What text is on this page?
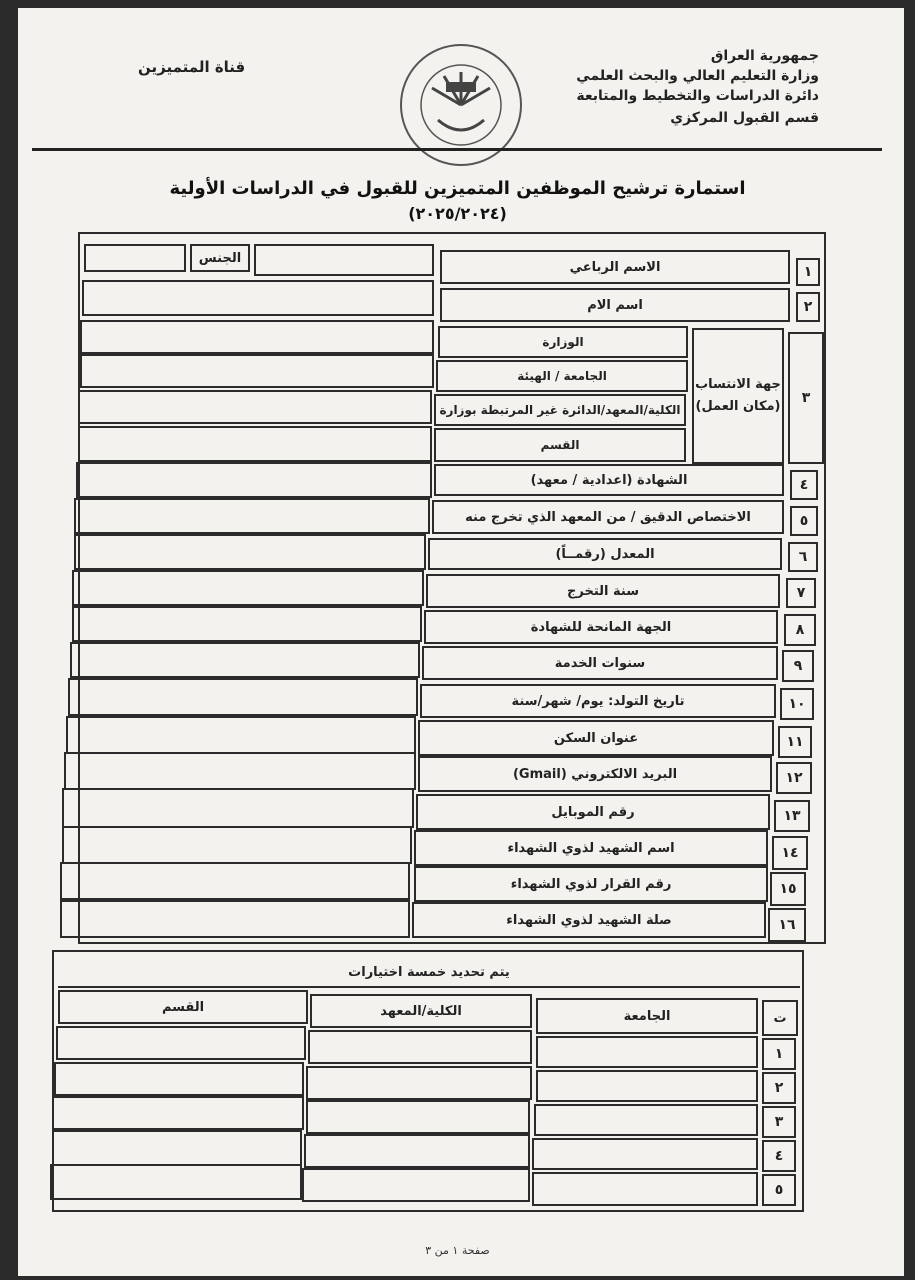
جمهورية العراق
وزارة التعليم العالي والبحث العلمي
دائرة الدراسات والتخطيط والمتابعة
قسم القبول المركزي
قناة المتميزين
استمارة ترشيح الموظفين المتميزين للقبول في الدراسات الأولية
(٢٠٢٥/٢٠٢٤)
١
الاسم الرباعي
الجنس
٢
اسم الام
٣
جهة الانتساب (مكان العمل)
الوزارة
الجامعة / الهيئة
الكلية/المعهد/الدائرة غير المرتبطة بوزارة
القسم
٤
الشهادة (اعدادية / معهد)
٥
الاختصاص الدقيق / من المعهد الذي تخرج منه
٦
المعدل (رقمــاً)
٧
سنة التخرج
٨
الجهة المانحة للشهادة
٩
سنوات الخدمة
١٠
تاريخ التولد: يوم/ شهر/سنة
١١
عنوان السكن
١٢
البريد الالكتروني (Gmail)
١٣
رقم الموبايل
١٤
اسم الشهيد لذوي الشهداء
١٥
رقم القرار لذوي الشهداء
١٦
صلة الشهيد لذوي الشهداء
يتم تحديد خمسة اختيارات
ت
الجامعة
الكلية/المعهد
القسم
١
٢
٣
٤
٥
صفحة ١ من ٣
